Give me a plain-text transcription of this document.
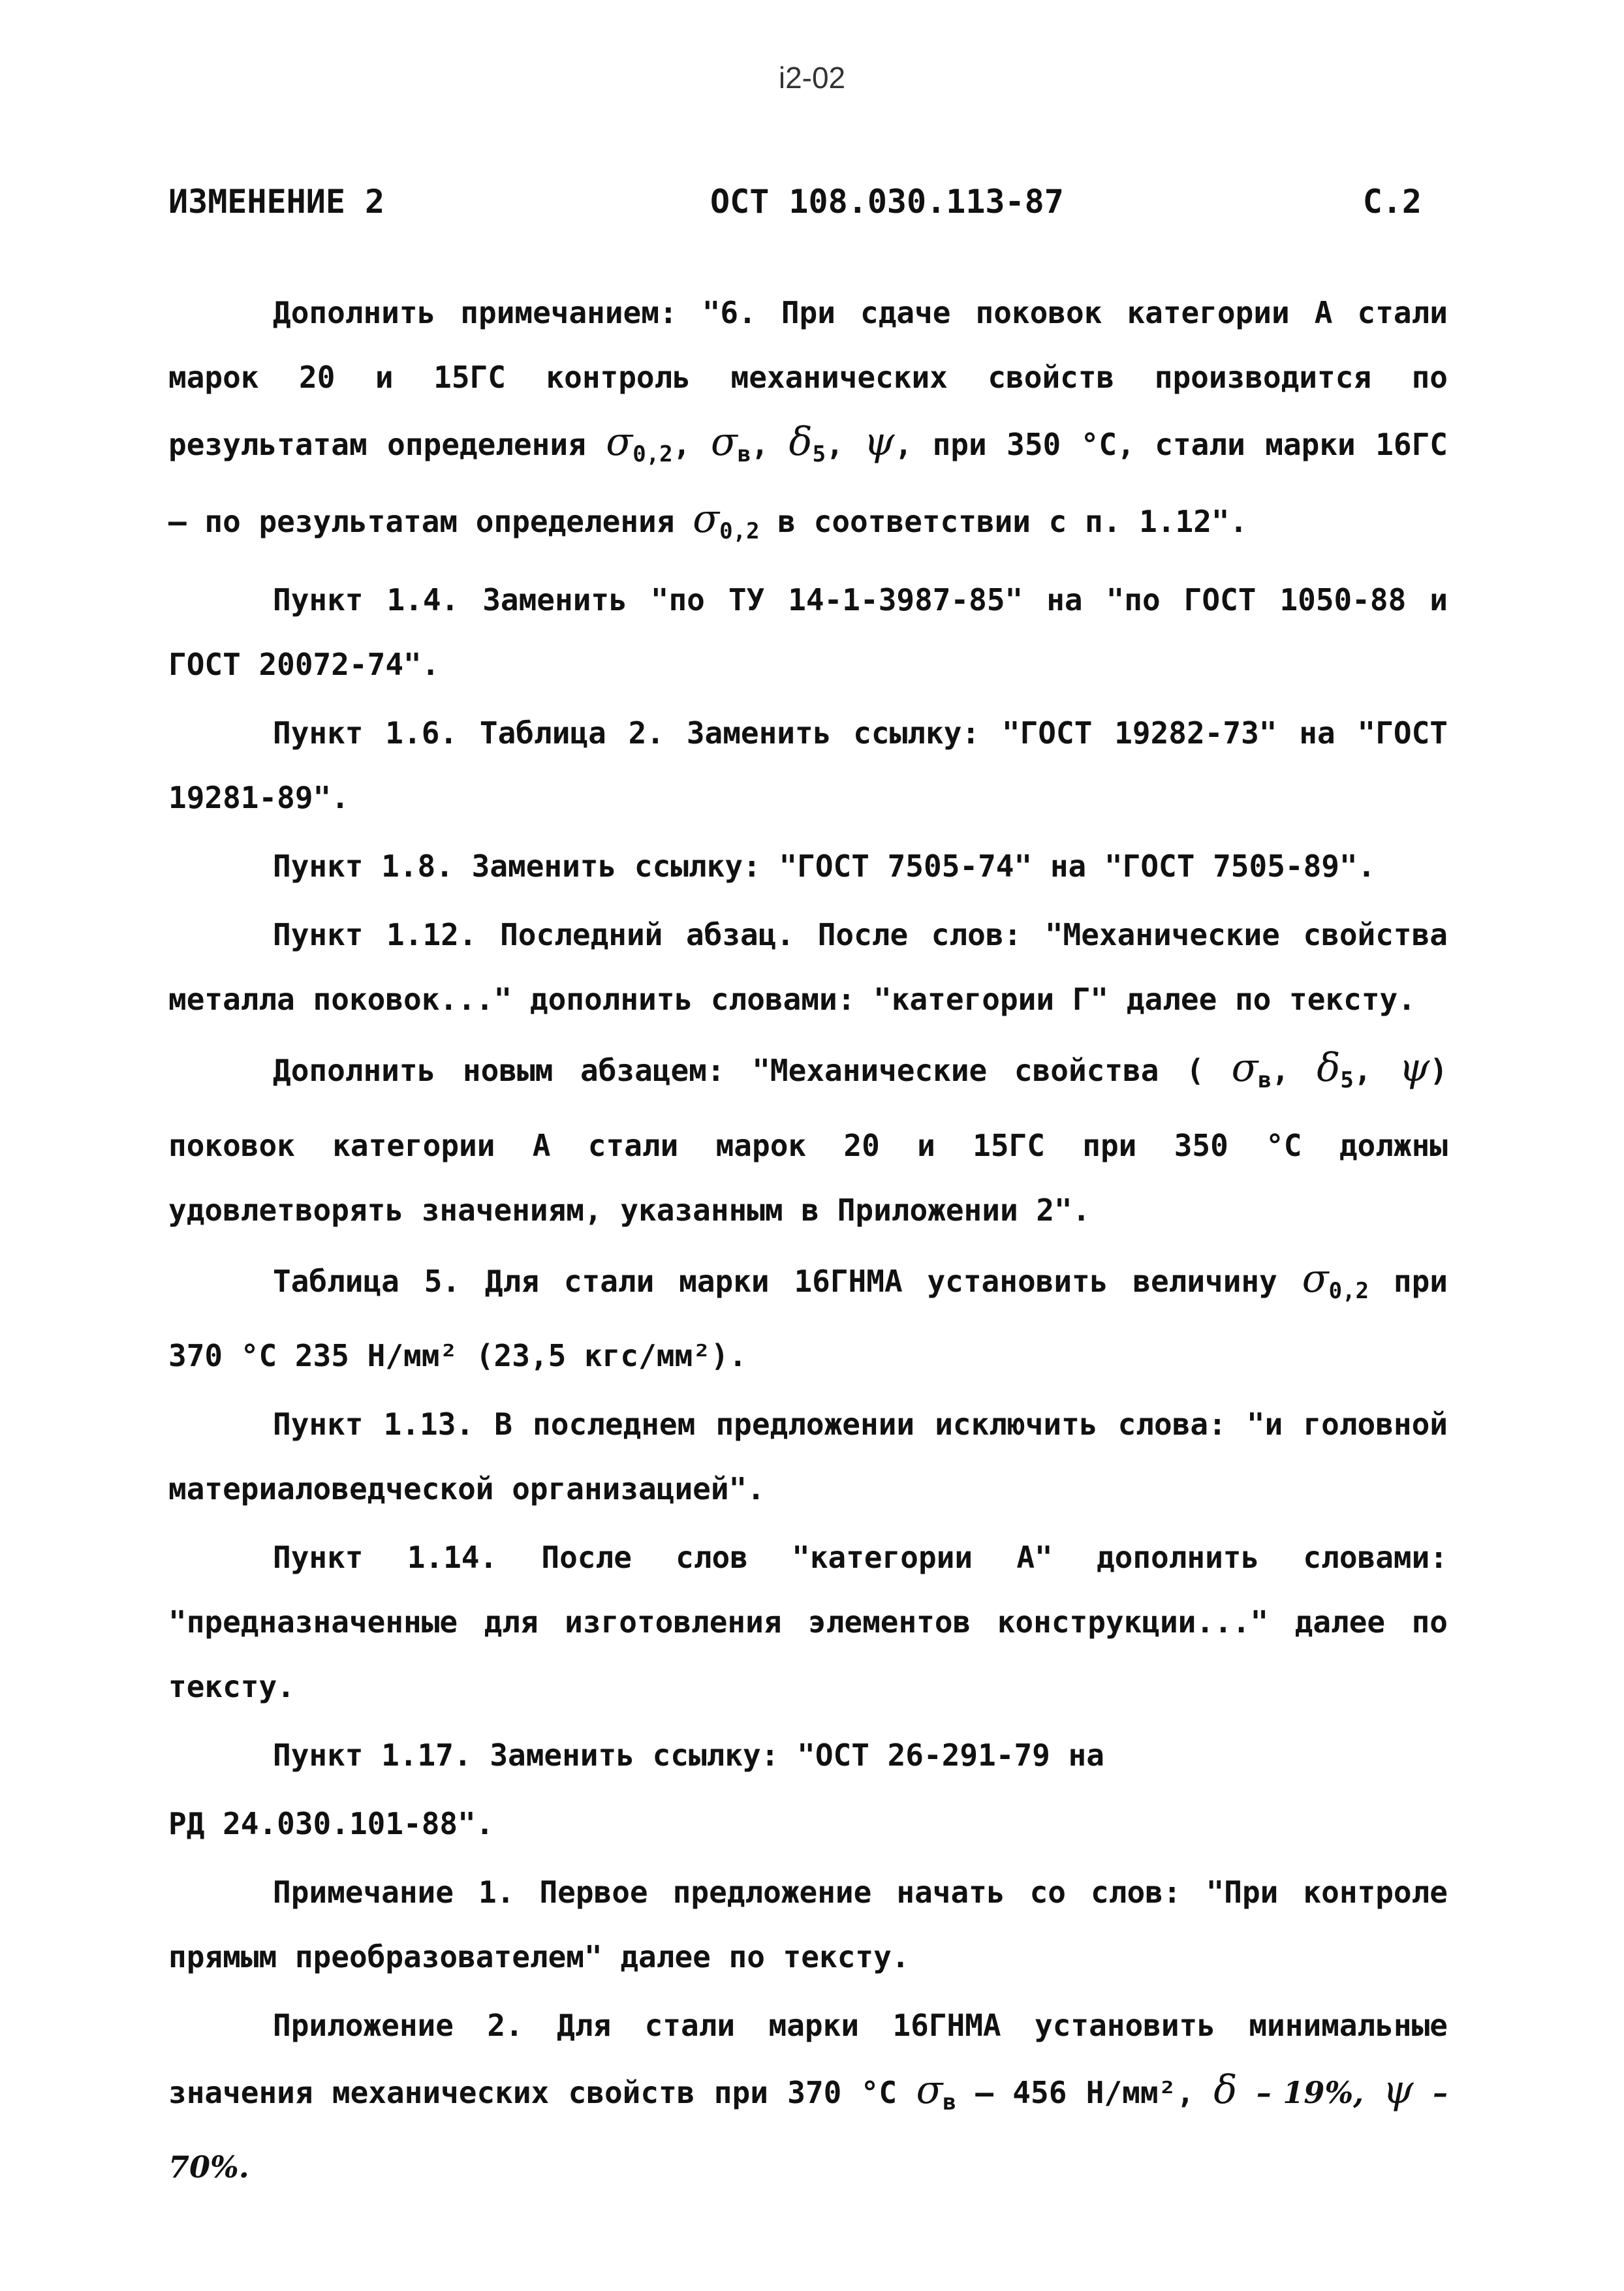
i2-02
ИЗМЕНЕНИЕ 2	ОСТ 108.030.113-87	С.2

Дополнить примечанием: "6. При сдаче поковок категории А стали марок 20 и 15ГС контроль механических свойств производится по результатам определения $\sigma_{0,2}$, $\sigma_в$, $\delta_5$, ψ, при 350 °С, стали марки 16ГС – по результатам определения $\sigma_{0,2}$ в соответствии с п. 1.12".

Пункт 1.4. Заменить "по ТУ 14-1-3987-85" на "по ГОСТ 1050-88 и ГОСТ 20072-74".

Пункт 1.6. Таблица 2. Заменить ссылку: "ГОСТ 19282-73" на "ГОСТ 19281-89".

Пункт 1.8. Заменить ссылку: "ГОСТ 7505-74" на "ГОСТ 7505-89".

Пункт 1.12. Последний абзац. После слов: "Механические свойства металла поковок..." дополнить словами: "категории Г" далее по тексту.

Дополнить новым абзацем: "Механические свойства ( $\sigma_в$, $\delta_5$, ψ) поковок категории А стали марок 20 и 15ГС при 350 °С должны удовлетворять значениям, указанным в Приложении 2".

Таблица 5. Для стали марки 16ГНМА установить величину $\sigma_{0,2}$ при 370 °С 235 Н/мм² (23,5 кгс/мм²).

Пункт 1.13. В последнем предложении исключить слова: "и головной материаловедческой организацией".

Пункт 1.14. После слов "категории А" дополнить словами: "предназначенные для изготовления элементов конструкции..." далее по тексту.

Пункт 1.17. Заменить ссылку: "ОСТ 26-291-79 на

РД 24.030.101-88".

Примечание 1. Первое предложение начать со слов: "При контроле прямым преобразователем" далее по тексту.

Приложение 2. Для стали марки 16ГНМА установить минимальные значения механических свойств при 370 °С $\sigma_в - 456$ Н/мм², δ – 19%, ψ – 70%.
